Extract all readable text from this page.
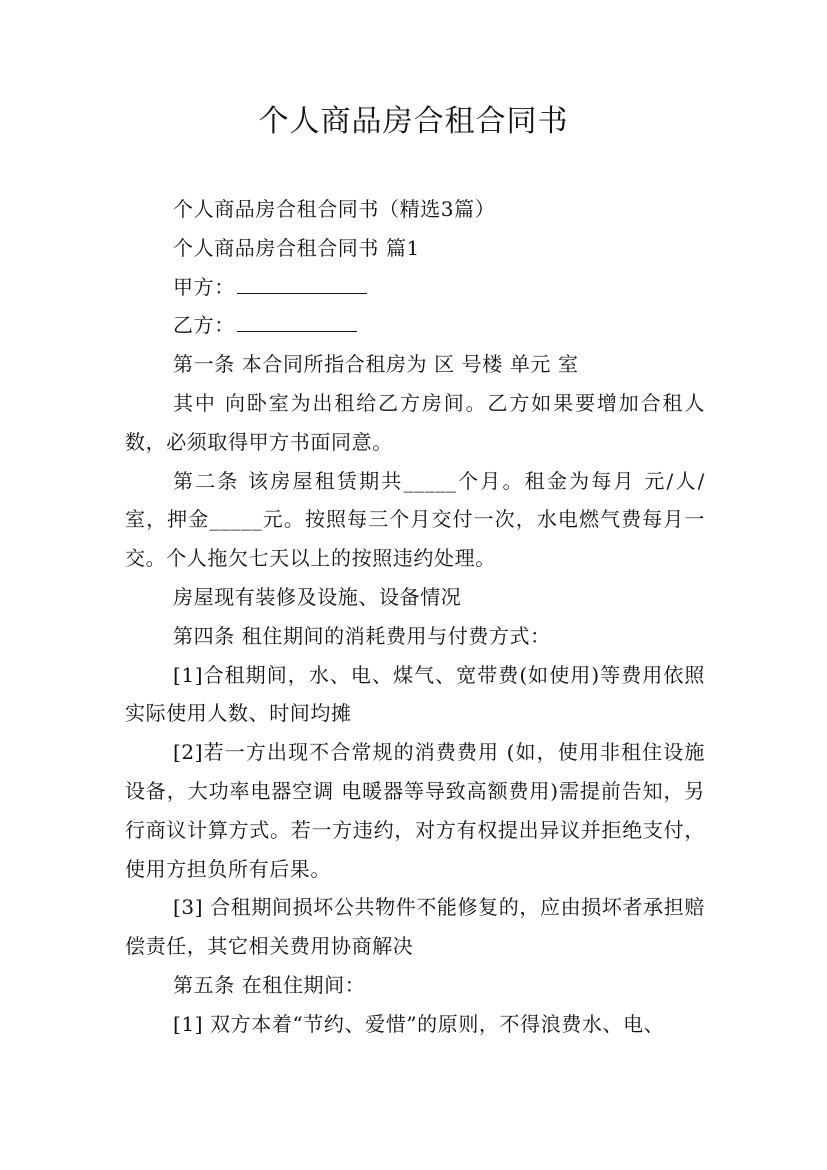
个人商品房合租合同书

个人商品房合租合同书（精选3篇）

个人商品房合租合同书 篇1

甲方：

乙方：

第一条 本合同所指合租房为 区 号楼 单元 室

其中 向卧室为出租给乙方房间。乙方如果要增加合租人数，必须取得甲方书面同意。

第二条 该房屋租赁期共_____个月。租金为每月 元/人/室，押金_____元。按照每三个月交付一次，水电燃气费每月一交。个人拖欠七天以上的按照违约处理。

房屋现有装修及设施、设备情况

第四条 租住期间的消耗费用与付费方式：

[1]合租期间，水、电、煤气、宽带费(如使用)等费用依照实际使用人数、时间均摊

[2]若一方出现不合常规的消费费用 (如，使用非租住设施设备，大功率电器空调 电暖器等导致高额费用)需提前告知，另行商议计算方式。若一方违约，对方有权提出异议并拒绝支付，使用方担负所有后果。

[3] 合租期间损坏公共物件不能修复的，应由损坏者承担赔偿责任，其它相关费用协商解决

第五条 在租住期间：

[1] 双方本着“节约、爱惜”的原则，不得浪费水、电、
